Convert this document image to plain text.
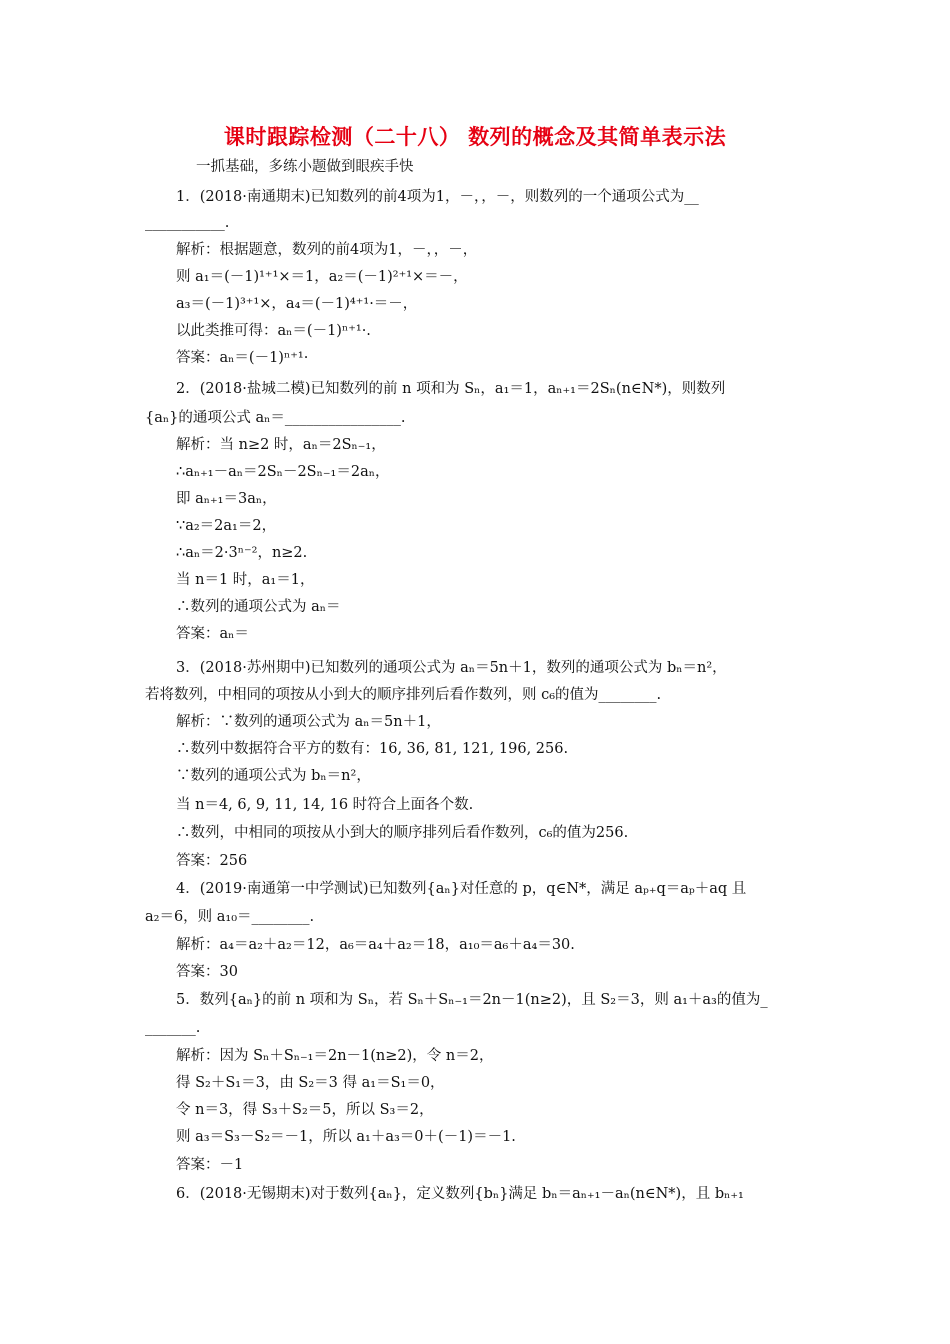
课时跟踪检测（二十八） 数列的概念及其简单表示法
一抓基础，多练小题做到眼疾手快
1．(2018·南通期末)已知数列的前4项为1，－，，－，则数列的一个通项公式为__
___________.
解析：根据题意，数列的前4项为1，－，，－，
则 a₁＝(－1)¹⁺¹×＝1，a₂＝(－1)²⁺¹×＝－，
a₃＝(－1)³⁺¹×，a₄＝(－1)⁴⁺¹·＝－，
以此类推可得：aₙ＝(－1)ⁿ⁺¹·.
答案：aₙ＝(－1)ⁿ⁺¹·
2．(2018·盐城二模)已知数列的前 n 项和为 Sₙ，a₁＝1，aₙ₊₁＝2Sₙ(n∈N*)，则数列
{aₙ}的通项公式 aₙ＝________________.
解析：当 n≥2 时，aₙ＝2Sₙ₋₁，
∴aₙ₊₁－aₙ＝2Sₙ－2Sₙ₋₁＝2aₙ，
即 aₙ₊₁＝3aₙ，
∵a₂＝2a₁＝2，
∴aₙ＝2·3ⁿ⁻²，n≥2.
当 n＝1 时，a₁＝1，
∴数列的通项公式为 aₙ＝
答案：aₙ＝
3．(2018·苏州期中)已知数列的通项公式为 aₙ＝5n＋1，数列的通项公式为 bₙ＝n²，
若将数列，中相同的项按从小到大的顺序排列后看作数列，则 c₆的值为________.
解析：∵数列的通项公式为 aₙ＝5n＋1，
∴数列中数据符合平方的数有：16, 36, 81, 121, 196, 256.
∵数列的通项公式为 bₙ＝n²，
当 n＝4, 6, 9, 11, 14, 16 时符合上面各个数.
∴数列，中相同的项按从小到大的顺序排列后看作数列，c₆的值为256.
答案：256
4．(2019·南通第一中学测试)已知数列{aₙ}对任意的 p，q∈N*，满足 aₚ₊q＝aₚ＋aq 且
a₂＝6，则 a₁₀＝________.
解析：a₄＝a₂＋a₂＝12，a₆＝a₄＋a₂＝18，a₁₀＝a₆＋a₄＝30.
答案：30
5．数列{aₙ}的前 n 项和为 Sₙ，若 Sₙ＋Sₙ₋₁＝2n－1(n≥2)，且 S₂＝3，则 a₁＋a₃的值为_
_______.
解析：因为 Sₙ＋Sₙ₋₁＝2n－1(n≥2)，令 n＝2，
得 S₂＋S₁＝3，由 S₂＝3 得 a₁＝S₁＝0，
令 n＝3，得 S₃＋S₂＝5，所以 S₃＝2，
则 a₃＝S₃－S₂＝－1，所以 a₁＋a₃＝0＋(－1)＝－1.
答案：－1
6．(2018·无锡期末)对于数列{aₙ}，定义数列{bₙ}满足 bₙ＝aₙ₊₁－aₙ(n∈N*)，且 bₙ₊₁
